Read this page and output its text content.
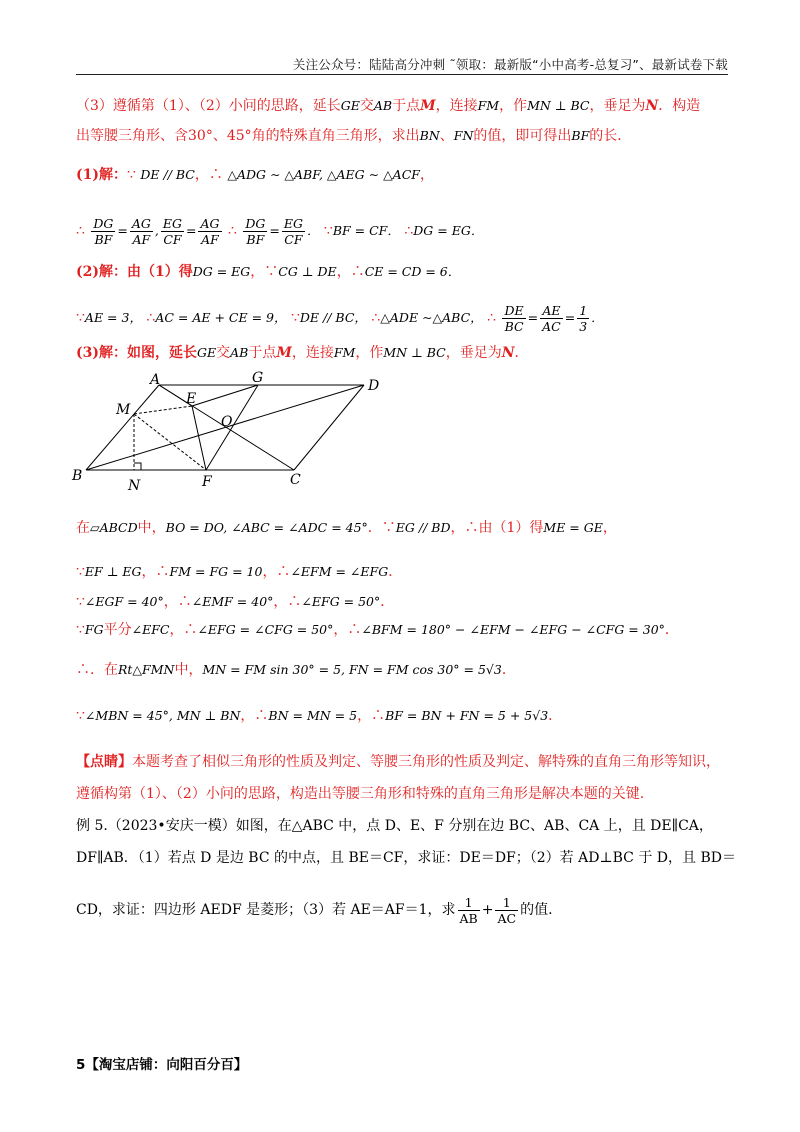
关注公众号：陆陆高分冲刺 ˜领取：最新版“小中高考-总复习”、最新试卷下载
（3）遵循第（1）、（2）小问的思路，延长GE交AB于点M，连接FM，作MN ⊥ BC，垂足为N．构造
出等腰三角形、含30°、45°角的特殊直角三角形，求出BN、FN的值，即可得出BF的长．
(1)解：∵ DE // BC，∴ △ADG ∼ △ABF, △AEG ∼ △ACF，
∴ $\frac{DG}{BF} = \frac{AG}{AF}$ , $\frac{EG}{CF} = \frac{AG}{AF}$ ∴ $\frac{DG}{BF} = \frac{EG}{CF}$ ． ∵BF = CF． ∴DG = EG．
(2)解：由（1）得DG = EG，∵CG ⊥ DE，∴CE = CD = 6．
∵AE = 3， ∴AC = AE + CE = 9， ∵DE // BC， ∴△ADE ∼△ABC， ∴ $\frac{DE}{BC} = \frac{AE}{AC} = \frac{1}{3}$ ．
(3)解：如图，延长GE交AB于点M，连接FM，作MN ⊥ BC，垂足为N．
A	G	D
M
E
O
B
N	F	C
在▱ABCD中，BO = DO, ∠ABC = ∠ADC = 45°．∵EG // BD，∴由（1）得ME = GE，
∵EF ⊥ EG，∴FM = FG = 10，∴∠EFM = ∠EFG．
∵∠EGF = 40°，∴∠EMF = 40°，∴∠EFG = 50°．
∵FG平分∠EFC，∴∠EFG = ∠CFG = 50°，∴∠BFM = 180° − ∠EFM − ∠EFG − ∠CFG = 30°．
∴．在Rt△FMN中，MN = FM sin 30° = 5, FN = FM cos 30° = 5√3．
∵∠MBN = 45°, MN ⊥ BN，∴BN = MN = 5，∴BF = BN + FN = 5 + 5√3．
【点睛】本题考查了相似三角形的性质及判定、等腰三角形的性质及判定、解特殊的直角三角形等知识，
遵循构第（1）、（2）小问的思路，构造出等腰三角形和特殊的直角三角形是解决本题的关键.
例 5.（2023•安庆一模）如图，在△ABC 中，点 D、E、F 分别在边 BC、AB、CA 上，且 DE∥CA，
DF∥AB．（1）若点 D 是边 BC 的中点，且 BE＝CF，求证：DE＝DF；（2）若 AD⊥BC 于 D，且 BD＝
CD，求证：四边形 AEDF 是菱形；（3）若 AE＝AF＝1，求 $\frac{1}{AB} + \frac{1}{AC}$ 的值.
5【淘宝店铺：向阳百分百】
